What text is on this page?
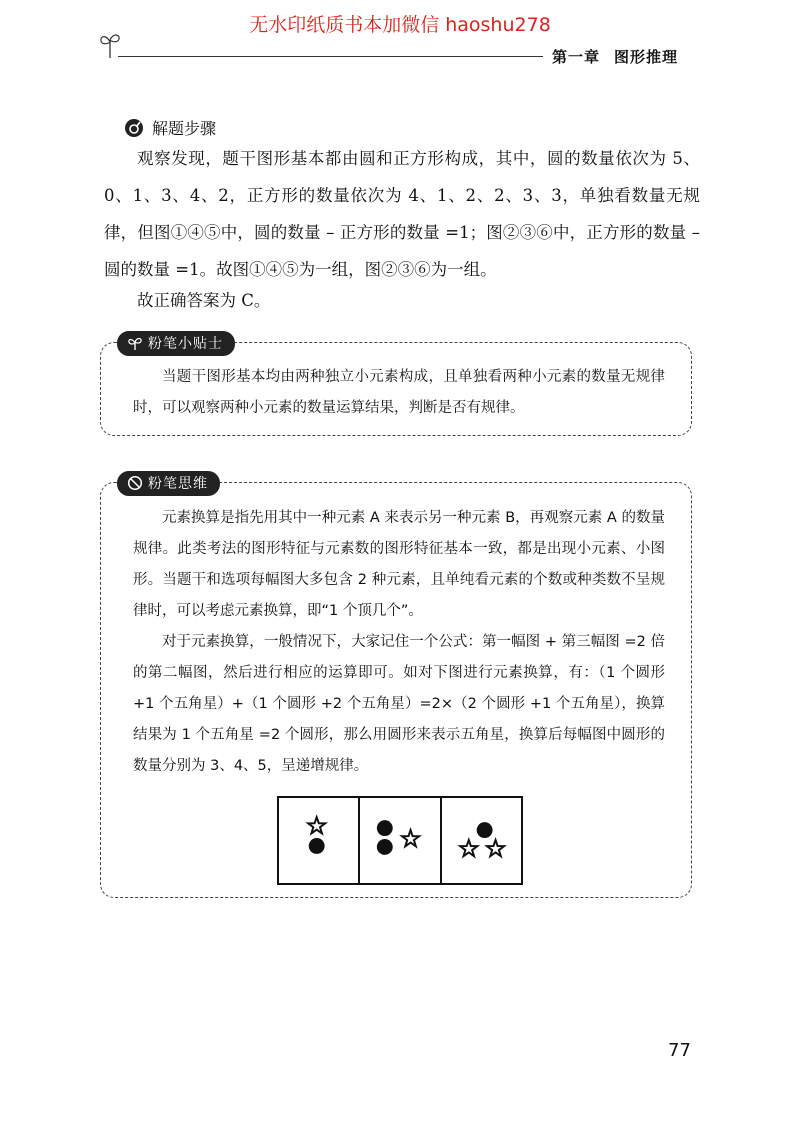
无水印纸质书本加微信 haoshu278
第一章 图形推理
解题步骤

观察发现，题干图形基本都由圆和正方形构成，其中，圆的数量依次为 5、0、1、3、4、2，正方形的数量依次为 4、1、2、2、3、3，单独看数量无规律，但图①④⑤中，圆的数量 – 正方形的数量 =1；图②③⑥中，正方形的数量 – 圆的数量 =1。故图①④⑤为一组，图②③⑥为一组。

故正确答案为 C。

粉笔小贴士

当题干图形基本均由两种独立小元素构成，且单独看两种小元素的数量无规律时，可以观察两种小元素的数量运算结果，判断是否有规律。

粉笔思维

元素换算是指先用其中一种元素 A 来表示另一种元素 B，再观察元素 A 的数量规律。此类考法的图形特征与元素数的图形特征基本一致，都是出现小元素、小图形。当题干和选项每幅图大多包含 2 种元素，且单纯看元素的个数或种类数不呈规律时，可以考虑元素换算，即“1 个顶几个”。

对于元素换算，一般情况下，大家记住一个公式：第一幅图 + 第三幅图 =2 倍的第二幅图，然后进行相应的运算即可。如对下图进行元素换算，有：（1 个圆形 +1 个五角星）+（1 个圆形 +2 个五角星）=2×（2 个圆形 +1 个五角星），换算结果为 1 个五角星 =2 个圆形，那么用圆形来表示五角星，换算后每幅图中圆形的数量分别为 3、4、5，呈递增规律。

77
